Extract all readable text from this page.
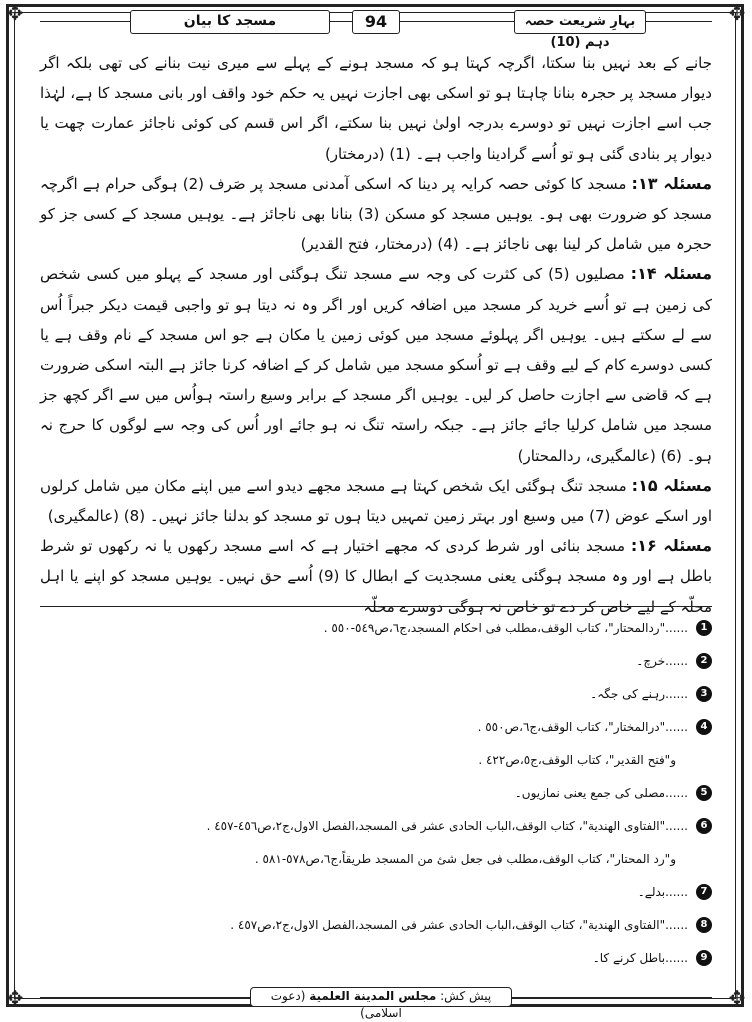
✥	✥
✥	✥
مسجد کا بیان	94	بہارِ شریعت حصہ دہم (10)

جانے کے بعد نہیں بنا سکتا، اگرچہ کہتا ہو کہ مسجد ہونے کے پہلے سے میری نیت بنانے کی تھی بلکہ اگر دیوار مسجد پر حجرہ بنانا چاہتا ہو تو اسکی بھی اجازت نہیں یہ حکم خود واقف اور بانی مسجد کا ہے، لہٰذا جب اسے اجازت نہیں تو دوسرے بدرجہ اولیٰ نہیں بنا سکتے، اگر اس قسم کی کوئی ناجائز عمارت چھت یا دیوار پر بنادی گئی ہو تو اُسے گرادینا واجب ہے۔ (1) (درمختار)

مسئلہ ۱۳: مسجد کا کوئی حصہ کرایہ پر دینا کہ اسکی آمدنی مسجد پر صَرف (2) ہوگی حرام ہے اگرچہ مسجد کو ضرورت بھی ہو۔ یوہیں مسجد کو مسکن (3) بنانا بھی ناجائز ہے۔ یوہیں مسجد کے کسی جز کو حجرہ میں شامل کر لینا بھی ناجائز ہے۔ (4) (درمختار، فتح القدیر)

مسئلہ ۱۴: مصلیوں (5) کی کثرت کی وجہ سے مسجد تنگ ہوگئی اور مسجد کے پہلو میں کسی شخص کی زمین ہے تو اُسے خرید کر مسجد میں اضافہ کریں اور اگر وہ نہ دیتا ہو تو واجبی قیمت دیکر جبراً اُس سے لے سکتے ہیں۔ یوہیں اگر پہلوئے مسجد میں کوئی زمین یا مکان ہے جو اس مسجد کے نام وقف ہے یا کسی دوسرے کام کے لیے وقف ہے تو اُسکو مسجد میں شامل کر کے اضافہ کرنا جائز ہے البتہ اسکی ضرورت ہے کہ قاضی سے اجازت حاصل کر لیں۔ یوہیں اگر مسجد کے برابر وسیع راستہ ہواُس میں سے اگر کچھ جز مسجد میں شامل کرلیا جائے جائز ہے۔ جبکہ راستہ تنگ نہ ہو جائے اور اُس کی وجہ سے لوگوں کا حرج نہ ہو۔ (6) (عالمگیری، ردالمحتار)

مسئلہ ۱۵: مسجد تنگ ہوگئی ایک شخص کہتا ہے مسجد مجھے دیدو اسے میں اپنے مکان میں شامل کرلوں اور اسکے عوض (7) میں وسیع اور بہتر زمین تمہیں دیتا ہوں تو مسجد کو بدلنا جائز نہیں۔ (8) (عالمگیری)

مسئلہ ۱۶: مسجد بنائی اور شرط کردی کہ مجھے اختیار ہے کہ اسے مسجد رکھوں یا نہ رکھوں تو شرط باطل ہے اور وہ مسجد ہوگئی یعنی مسجدیت کے ابطال کا (9) اُسے حق نہیں۔ یوہیں مسجد کو اپنے یا اہل محلّہ کے لیے خاص کر دے تو خاص نہ ہوگی دوسرے محلّہ

1
......"ردالمحتار"، كتاب الوقف،مطلب فى احكام المسجد،ج٦،ص٥٤٩-٥٥٠ .
2
......خرچ۔
3
......رہنے کی جگہ۔
4
......"درالمختار"، كتاب الوقف،ج٦،ص٥٥٠ .
و"فتح القدير"، كتاب الوقف،ج٥،ص٤٢٢ .
5
......مصلی کی جمع یعنی نمازیوں۔
6
......"الفتاوى الهندية"، كتاب الوقف،الباب الحادى عشر فى المسجد،الفصل الاول،ج٢،ص٤٥٦-٤٥٧ .
و"رد المحتار"، كتاب الوقف،مطلب فى جعل شئ من المسجد طريقاً،ج٦،ص٥٧٨-٥٨١ .
7
......بدلے۔
8
......"الفتاوى الهندية"، كتاب الوقف،الباب الحادى عشر فى المسجد،الفصل الاول،ج٢،ص٤٥٧ .
9
......باطل کرنے کا۔
پیش کش: مجلس المدينة العلمية (دعوت اسلامی)
